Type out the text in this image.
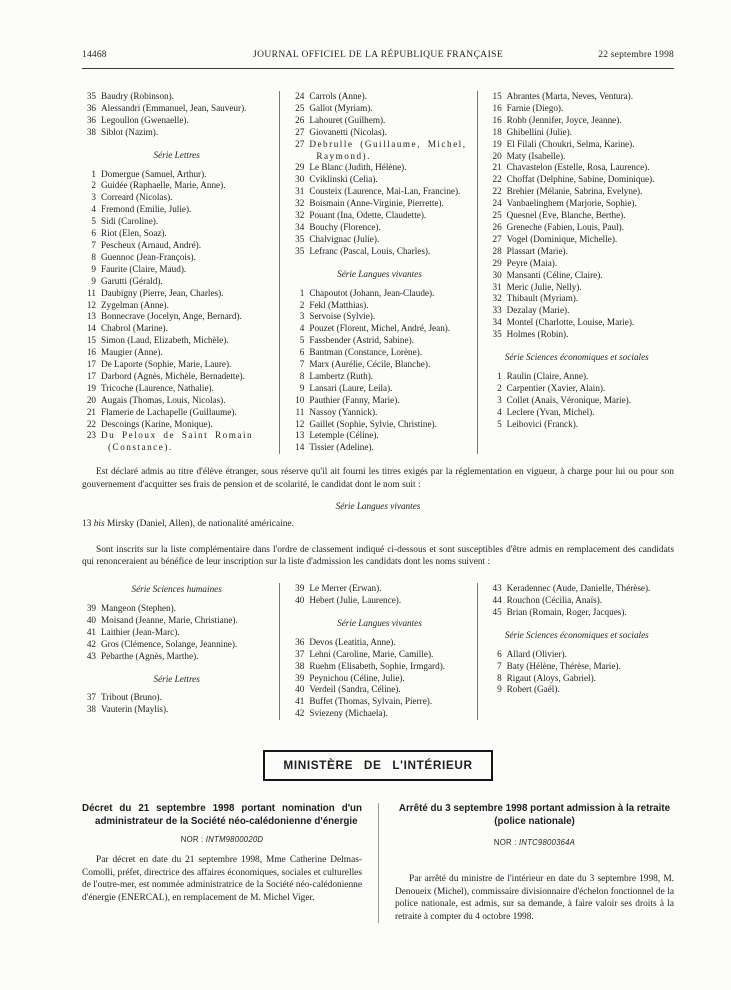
14468	JOURNAL OFFICIEL DE LA RÉPUBLIQUE FRANÇAISE	22 septembre 1998
35 Baudry (Robinson).
36 Alessandri (Emmanuel, Jean, Sauveur).
36 Legoullon (Gwenaelle).
38 Siblot (Nazim).
Série Lettres
1 Domergue (Samuel, Arthur).
2 Guidée (Raphaelle, Marie, Anne).
3 Correard (Nicolas).
4 Fremond (Emilie, Julie).
5 Sidi (Caroline).
6 Riot (Elen, Soaz).
7 Pescheux (Arnaud, André).
8 Guennoc (Jean-François).
9 Faurite (Claire, Maud).
9 Garutti (Gérald).
11 Daubigny (Pierre, Jean, Charles).
12 Zygelman (Anne).
13 Bonnecrave (Jocelyn, Ange, Bernard).
14 Chabrol (Marine).
15 Simon (Laud, Elizabeth, Michèle).
16 Maugier (Anne).
17 De Laporte (Sophie, Marie, Laure).
17 Darbord (Agnès, Michèle, Bernadette).
19 Tricoche (Laurence, Nathalie).
20 Augais (Thomas, Louis, Nicolas).
21 Flamerie de Lachapelle (Guillaume).
22 Descoings (Karine, Monique).
23 Du Peloux de Saint Romain (Constance).
24 Carrols (Anne).
25 Gallot (Myriam).
26 Lahouret (Guilhem).
27 Giovanetti (Nicolas).
27 Debrulle (Guillaume, Michel, Raymond).
29 Le Blanc (Judith, Hélène).
30 Cviklinski (Celia).
31 Cousteix (Laurence, Mai-Lan, Francine).
32 Boismain (Anne-Virginie, Pierrette).
32 Pouant (Ina, Odette, Claudette).
34 Bouchy (Florence).
35 Chalvignac (Julie).
35 Lefranc (Pascal, Louis, Charles).
Série Langues vivantes
1 Chapoutot (Johann, Jean-Claude).
2 Fekl (Matthias).
3 Servoise (Sylvie).
4 Pouzet (Florent, Michel, André, Jean).
5 Fassbender (Astrid, Sabine).
6 Bantman (Constance, Lorène).
7 Marx (Aurélie, Cécile, Blanche).
8 Lambertz (Ruth).
9 Lansari (Laure, Leila).
10 Pauthier (Fanny, Marie).
11 Nassoy (Yannick).
12 Gaillet (Sophie, Sylvie, Christine).
13 Letemple (Céline).
14 Tissier (Adeline).
15 Abrantes (Marta, Neves, Ventura).
16 Farnie (Diego).
16 Robb (Jennifer, Joyce, Jeanne).
18 Ghibellini (Julie).
19 El Filali (Choukri, Selma, Karine).
20 Maty (Isabelle).
21 Chavastelon (Estelle, Rosa, Laurence).
22 Choffat (Delphine, Sabine, Dominique).
22 Brehier (Mélanie, Sabrina, Evelyne).
24 Vanbaelinghem (Marjorie, Sophie).
25 Quesnel (Eve, Blanche, Berthe).
26 Greneche (Fabien, Louis, Paul).
27 Vogel (Dominique, Michelle).
28 Plassart (Marie).
29 Peyre (Maia).
30 Mansanti (Céline, Claire).
31 Meric (Julie, Nelly).
32 Thibault (Myriam).
33 Dezalay (Marie).
34 Montel (Charlotte, Louise, Marie).
35 Holmes (Robin).
Série Sciences économiques et sociales
1 Raulin (Claire, Anne).
2 Carpentier (Xavier, Alain).
3 Collet (Anaïs, Véronique, Marie).
4 Leclere (Yvan, Michel).
5 Leibovici (Franck).

Est déclaré admis au titre d'élève étranger, sous réserve qu'il ait fourni les titres exigés par la réglementation en vigueur, à charge pour lui ou pour son gouvernement d'acquitter ses frais de pension et de scolarité, le candidat dont le nom suit :

Série Langues vivantes

13 bis Mirsky (Daniel, Allen), de nationalité américaine.

Sont inscrits sur la liste complémentaire dans l'ordre de classement indiqué ci-dessous et sont susceptibles d'être admis en remplacement des candidats qui renonceraient au bénéfice de leur inscription sur la liste d'admission les candidats dont les noms suivent :

Série Sciences humaines
39 Mangeon (Stephen).
40 Moisand (Jeanne, Marie, Christiane).
41 Laithier (Jean-Marc).
42 Gros (Clémence, Solange, Jeannine).
43 Pebarthe (Agnès, Marthe).
Série Lettres
37 Tribout (Bruno).
38 Vauterin (Maylis).
39 Le Merrer (Erwan).
40 Hebert (Julie, Laurence).
Série Langues vivantes
36 Devos (Leatitia, Anne).
37 Lehni (Caroline, Marie, Camille).
38 Ruehm (Elisabeth, Sophie, Irmgard).
39 Peynichou (Céline, Julie).
40 Verdeil (Sandra, Céline).
41 Buffet (Thomas, Sylvain, Pierre).
42 Sviezeny (Michaela).
43 Keradennec (Aude, Danielle, Thérèse).
44 Rouchon (Cécilia, Anaïs).
45 Brian (Romain, Roger, Jacques).
Série Sciences économiques et sociales
6 Allard (Olivier).
7 Baty (Hélène, Thérèse, Marie).
8 Rigaut (Aloys, Gabriel).
9 Robert (Gaël).
MINISTÈRE DE L'INTÉRIEUR
Décret du 21 septembre 1998 portant nomination d'un administrateur de la Société néo-calédonienne d'énergie
NOR : INTM9800020D

Par décret en date du 21 septembre 1998, Mme Catherine Delmas-Comolli, préfet, directrice des affaires économiques, sociales et culturelles de l'outre-mer, est nommée administratrice de la Société néo-calédonienne d'énergie (ENERCAL), en remplacement de M. Michel Viger.

Arrêté du 3 septembre 1998 portant admission à la retraite (police nationale)
NOR : INTC9800364A

Par arrêté du ministre de l'intérieur en date du 3 septembre 1998, M. Denoueix (Michel), commissaire divisionnaire d'échelon fonctionnel de la police nationale, est admis, sur sa demande, à faire valoir ses droits à la retraite à compter du 4 octobre 1998.
